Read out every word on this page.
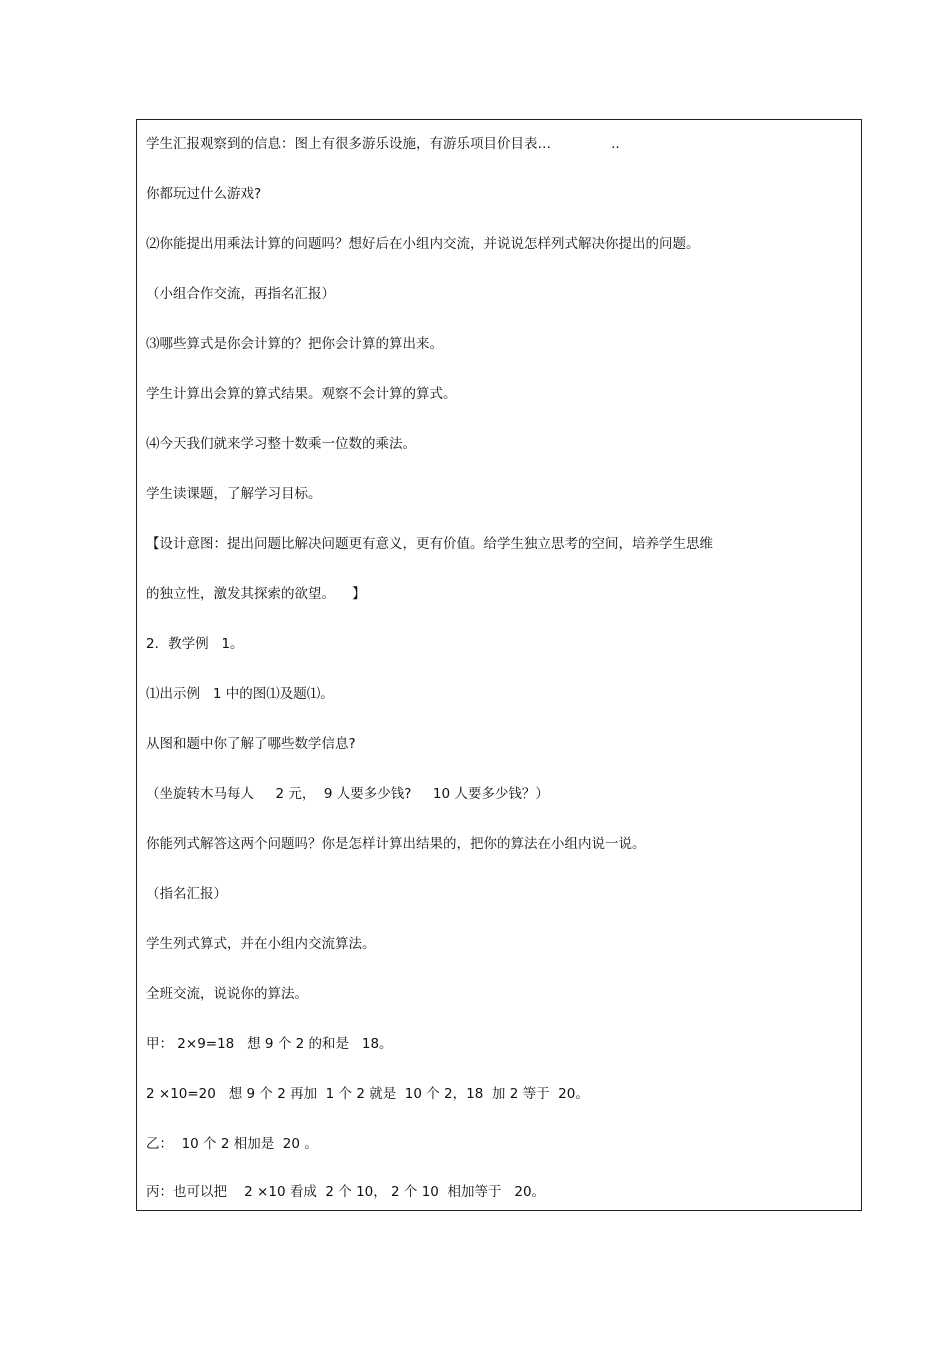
学生汇报观察到的信息：图上有很多游乐设施，有游乐项目价目表…              ..
你都玩过什么游戏?
⑵你能提出用乘法计算的问题吗？想好后在小组内交流，并说说怎样列式解决你提出的问题。
（小组合作交流，再指名汇报）
⑶哪些算式是你会计算的？把你会计算的算出来。
学生计算出会算的算式结果。观察不会计算的算式。
⑷今天我们就来学习整十数乘一位数的乘法。
学生读课题，了解学习目标。
【设计意图：提出问题比解决问题更有意义，更有价值。给学生独立思考的空间，培养学生思维
的独立性，激发其探索的欲望。    】
2．教学例   1。
⑴出示例   1 中的图⑴及题⑴。
从图和题中你了解了哪些数学信息?
（坐旋转木马每人     2 元，  9 人要多少钱?     10 人要多少钱？）
你能列式解答这两个问题吗？你是怎样计算出结果的，把你的算法在小组内说一说。
（指名汇报）
学生列式算式，并在小组内交流算法。
全班交流，说说你的算法。
甲： 2×9=18   想 9 个 2 的和是   18。
2 ×10=20   想 9 个 2 再加  1 个 2 就是  10 个 2，18  加 2 等于  20。
乙：  10 个 2 相加是  20 。
丙：也可以把    2 ×10 看成  2 个 10， 2 个 10  相加等于   20。
